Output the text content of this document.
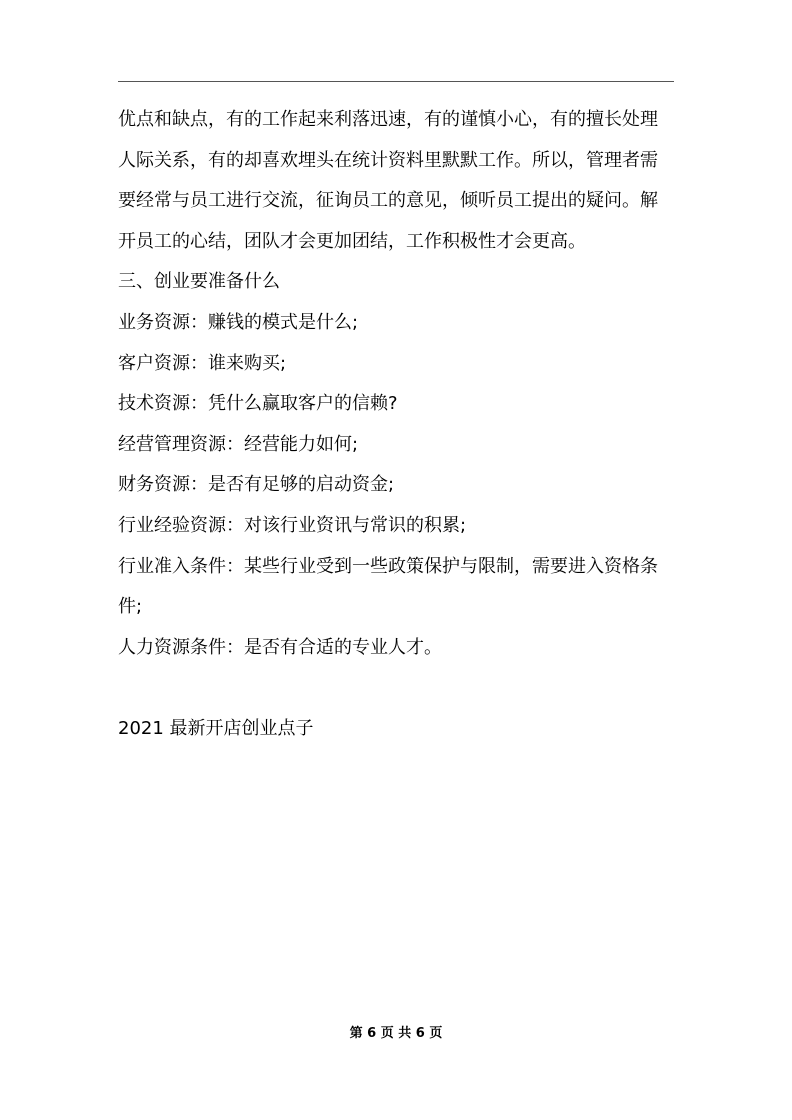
优点和缺点，有的工作起来利落迅速，有的谨慎小心，有的擅长处理
人际关系，有的却喜欢埋头在统计资料里默默工作。所以，管理者需
要经常与员工进行交流，征询员工的意见，倾听员工提出的疑问。解
开员工的心结，团队才会更加团结，工作积极性才会更高。
三、创业要准备什么
业务资源：赚钱的模式是什么;
客户资源：谁来购买;
技术资源：凭什么赢取客户的信赖?
经营管理资源：经营能力如何;
财务资源：是否有足够的启动资金;
行业经验资源：对该行业资讯与常识的积累;
行业准入条件：某些行业受到一些政策保护与限制，需要进入资格条
件;
人力资源条件：是否有合适的专业人才。
2021 最新开店创业点子
第 6 页 共 6 页
